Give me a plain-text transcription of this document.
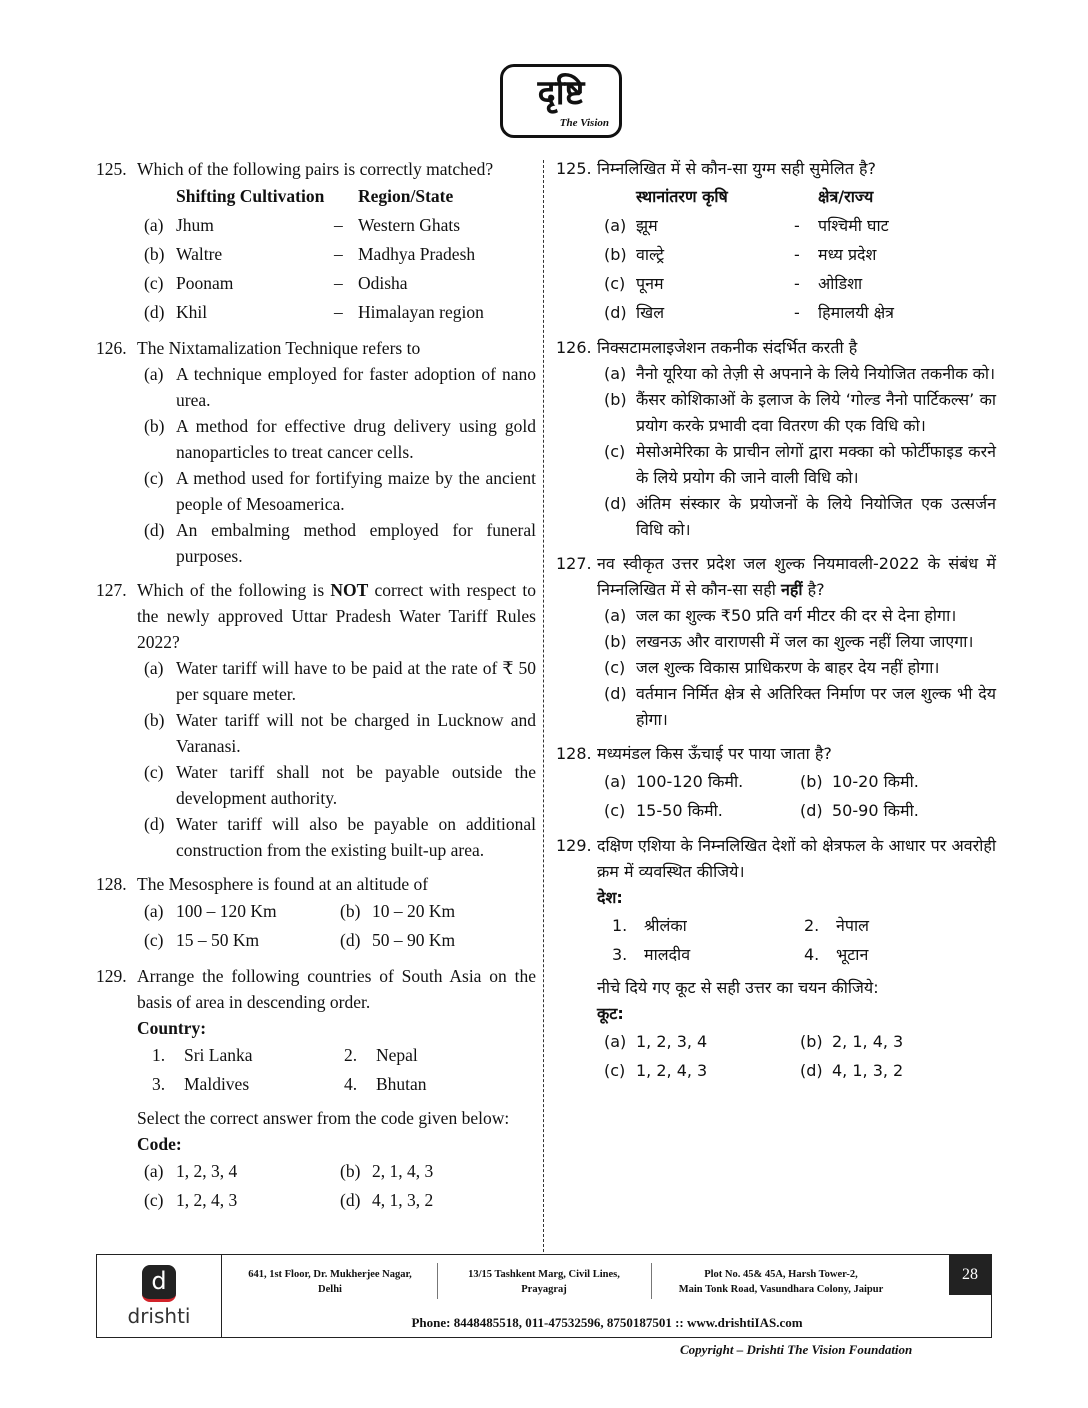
दृष्टि
The Vision
125. Which of the following pairs is correctly matched?
Shifting Cultivation	Region/State
(a) Jhum	– Western Ghats
(b) Waltre	– Madhya Pradesh
(c) Poonam	– Odisha
(d) Khil	– Himalayan region
126. The Nixtamalization Technique refers to
(a) A technique employed for faster adoption of nano urea.
(b) A method for effective drug delivery using gold nanoparticles to treat cancer cells.
(c) A method used for fortifying maize by the ancient people of Mesoamerica.
(d) An embalming method employed for funeral purposes.
127. Which of the following is NOT correct with respect to the newly approved Uttar Pradesh Water Tariff Rules 2022?
(a) Water tariff will have to be paid at the rate of ₹ 50 per square meter.
(b) Water tariff will not be charged in Lucknow and Varanasi.
(c) Water tariff shall not be payable outside the development authority.
(d) Water tariff will also be payable on additional construction from the existing built-up area.
128. The Mesosphere is found at an altitude of
(a) 100 – 120 Km	(b) 10 – 20 Km
(c) 15 – 50 Km	(d) 50 – 90 Km
129. Arrange the following countries of South Asia on the basis of area in descending order.
Country:
1.	Sri Lanka	2.	Nepal
3.	Maldives	4.	Bhutan
Select the correct answer from the code given below:
Code:
(a) 1, 2, 3, 4	(b) 2, 1, 4, 3
(c) 1, 2, 4, 3	(d) 4, 1, 3, 2
125. निम्नलिखित में से कौन-सा युग्म सही सुमेलित है?
स्थानांतरण कृषि	क्षेत्र/राज्य
(a) झूम	-	पश्चिमी घाट
(b) वाल्ट्रे	-	मध्य प्रदेश
(c) पूनम	-	ओडिशा
(d) खिल	-	हिमालयी क्षेत्र
126. निक्सटामलाइजेशन तकनीक संदर्भित करती है
(a) नैनो यूरिया को तेज़ी से अपनाने के लिये नियोजित तकनीक को।
(b) कैंसर कोशिकाओं के इलाज के लिये ‘गोल्ड नैनो पार्टिकल्स’ का प्रयोग करके प्रभावी दवा वितरण की एक विधि को।
(c) मेसोअमेरिका के प्राचीन लोगों द्वारा मक्का को फोर्टीफाइड करने के लिये प्रयोग की जाने वाली विधि को।
(d) अंतिम संस्कार के प्रयोजनों के लिये नियोजित एक उत्सर्जन विधि को।
127. नव स्वीकृत उत्तर प्रदेश जल शुल्क नियमावली-2022 के संबंध में निम्नलिखित में से कौन-सा सही नहीं है?
(a) जल का शुल्क ₹50 प्रति वर्ग मीटर की दर से देना होगा।
(b) लखनऊ और वाराणसी में जल का शुल्क नहीं लिया जाएगा।
(c) जल शुल्क विकास प्राधिकरण के बाहर देय नहीं होगा।
(d) वर्तमान निर्मित क्षेत्र से अतिरिक्त निर्माण पर जल शुल्क भी देय होगा।
128. मध्यमंडल किस ऊँचाई पर पाया जाता है?
(a) 100-120 किमी.	(b) 10-20 किमी.
(c) 15-50 किमी.	(d) 50-90 किमी.
129. दक्षिण एशिया के निम्नलिखित देशों को क्षेत्रफल के आधार पर अवरोही क्रम में व्यवस्थित कीजिये।
देश:
1.	श्रीलंका	2.	नेपाल
3.	मालदीव	4.	भूटान
नीचे दिये गए कूट से सही उत्तर का चयन कीजिये:
कूट:
(a) 1, 2, 3, 4	(b) 2, 1, 4, 3
(c) 1, 2, 4, 3	(d) 4, 1, 3, 2
d
drishti
641, 1st Floor, Dr. Mukherjee Nagar,
Delhi
13/15 Tashkent Marg, Civil Lines,
Prayagraj
Plot No. 45& 45A, Harsh Tower-2,
Main Tonk Road, Vasundhara Colony, Jaipur
Phone: 8448485518, 011-47532596, 8750187501 :: www.drishtiIAS.com
28
Copyright – Drishti The Vision Foundation
